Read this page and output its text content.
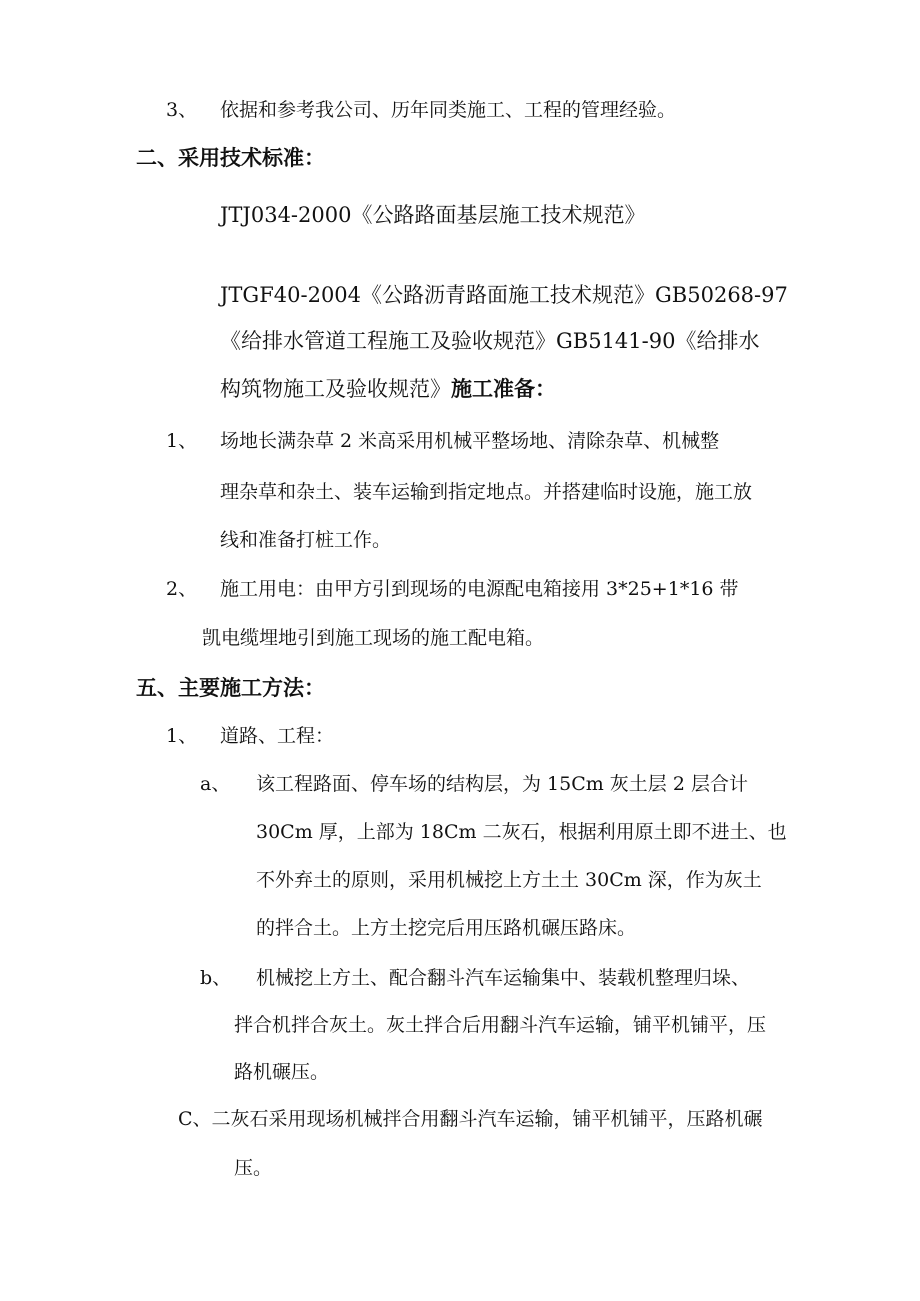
3、 依据和参考我公司、历年同类施工、工程的管理经验。
二、采用技术标准：
JTJ034-2000《公路路面基层施工技术规范》
JTGF40-2004《公路沥青路面施工技术规范》GB50268-97
《给排水管道工程施工及验收规范》GB5141-90《给排水
构筑物施工及验收规范》施工准备：
1、 场地长满杂草 2 米高采用机械平整场地、清除杂草、机械整
理杂草和杂土、装车运输到指定地点。并搭建临时设施，施工放
线和准备打桩工作。
2、 施工用电：由甲方引到现场的电源配电箱接用 3*25+1*16 带
凯电缆埋地引到施工现场的施工配电箱。
五、主要施工方法：
1、 道路、工程：
a、 该工程路面、停车场的结构层，为 15Cm 灰土层 2 层合计
30Cm 厚，上部为 18Cm 二灰石，根据利用原土即不进土、也
不外弃土的原则，采用机械挖上方土土 30Cm 深，作为灰土
的拌合土。上方土挖完后用压路机碾压路床。
b、 机械挖上方土、配合翻斗汽车运输集中、装载机整理归垛、
拌合机拌合灰土。灰土拌合后用翻斗汽车运输，铺平机铺平，压
路机碾压。
C、二灰石采用现场机械拌合用翻斗汽车运输，铺平机铺平，压路机碾
压。
